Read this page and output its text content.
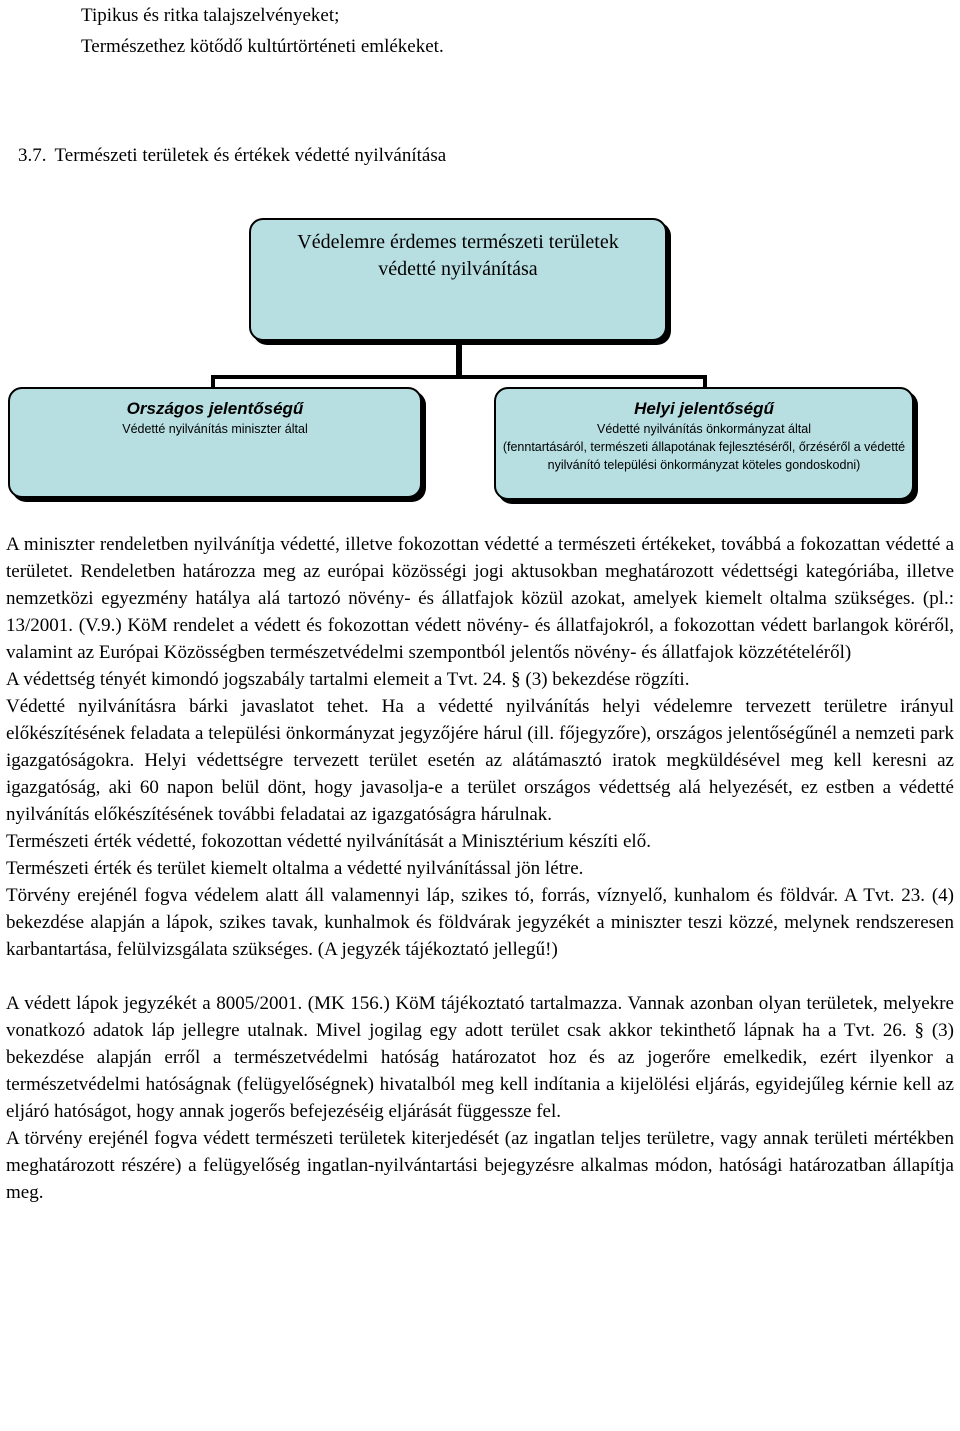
Tipikus és ritka talajszelvényeket;
Természethez kötődő kultúrtörténeti emlékeket.
3.7. Természeti területek és értékek védetté nyilvánítása
Védelemre érdemes természeti területek
védetté nyilvánítása
Országos jelentőségű
Védetté nyilvánítás miniszter által
Helyi jelentőségű
Védetté nyilvánítás önkormányzat által
(fenntartásáról, természeti állapotának fejlesztéséről, őrzéséről a védetté nyilvánító települési önkormányzat köteles gondoskodni)

A miniszter rendeletben nyilvánítja védetté, illetve fokozottan védetté a természeti értékeket, továbbá a fokozattan védetté a területet. Rendeletben határozza meg az európai közösségi jogi aktusokban meghatározott védettségi kategóriába, illetve nemzetközi egyezmény hatálya alá tartozó növény- és állatfajok közül azokat, amelyek kiemelt oltalma szükséges. (pl.: 13/2001. (V.9.) KöM rendelet a védett és fokozottan védett növény- és állatfajokról, a fokozottan védett barlangok köréről, valamint az Európai Közösségben természetvédelmi szempontból jelentős növény- és állatfajok közzétételéről)

A védettség tényét kimondó jogszabály tartalmi elemeit a Tvt. 24. § (3) bekezdése rögzíti.

Védetté nyilvánításra bárki javaslatot tehet. Ha a védetté nyilvánítás helyi védelemre tervezett területre irányul előkészítésének feladata a települési önkormányzat jegyzőjére hárul (ill. főjegyzőre), országos jelentőségűnél a nemzeti park igazgatóságokra. Helyi védettségre tervezett terület esetén az alátámasztó iratok megküldésével meg kell keresni az igazgatóság, aki 60 napon belül dönt, hogy javasolja-e a terület országos védettség alá helyezését, ez estben a védetté nyilvánítás előkészítésének további feladatai az igazgatóságra hárulnak.

Természeti érték védetté, fokozottan védetté nyilvánítását a Minisztérium készíti elő.

Természeti érték és terület kiemelt oltalma a védetté nyilvánítással jön létre.

Törvény erejénél fogva védelem alatt áll valamennyi láp, szikes tó, forrás, víznyelő, kunhalom és földvár. A Tvt. 23. (4) bekezdése alapján a lápok, szikes tavak, kunhalmok és földvárak jegyzékét a miniszter teszi közzé, melynek rendszeresen karbantartása, felülvizsgálata szükséges. (A jegyzék tájékoztató jellegű!)

A védett lápok jegyzékét a 8005/2001. (MK 156.) KöM tájékoztató tartalmazza. Vannak azonban olyan területek, melyekre vonatkozó adatok láp jellegre utalnak. Mivel jogilag egy adott terület csak akkor tekinthető lápnak ha a Tvt. 26. § (3) bekezdése alapján erről a természetvédelmi hatóság határozatot hoz és az jogerőre emelkedik, ezért ilyenkor a természetvédelmi hatóságnak (felügyelőségnek) hivatalból meg kell indítania a kijelölési eljárás, egyidejűleg kérnie kell az eljáró hatóságot, hogy annak jogerős befejezéséig eljárását függessze fel.

A törvény erejénél fogva védett természeti területek kiterjedését (az ingatlan teljes területre, vagy annak területi mértékben meghatározott részére) a felügyelőség ingatlan-nyilvántartási bejegyzésre alkalmas módon, hatósági határozatban állapítja meg.
